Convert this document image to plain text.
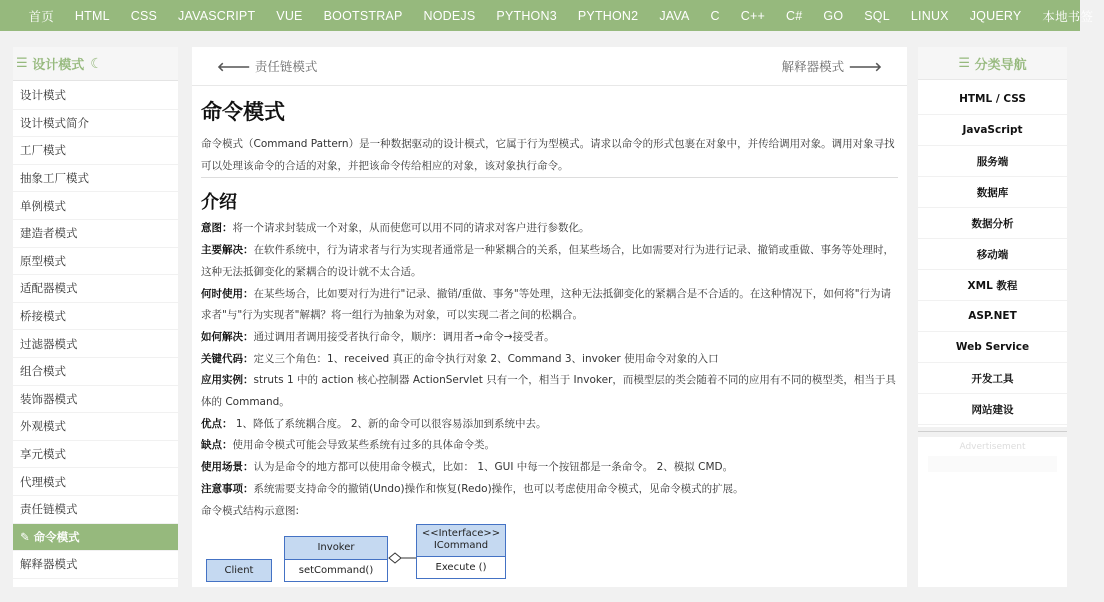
首页	HTML	CSS	JAVASCRIPT	VUE	BOOTSTRAP	NODEJS	PYTHON3	PYTHON2	JAVA	C	C++	C#	GO	SQL	LINUX	JQUERY	本地书签
☰ 设计模式 ☾
设计模式
设计模式简介
工厂模式
抽象工厂模式
单例模式
建造者模式
原型模式
适配器模式
桥接模式
过滤器模式
组合模式
装饰器模式
外观模式
享元模式
代理模式
责任链模式
✎ 命令模式
解释器模式
🡐 责任链模式	解释器模式 🡒
命令模式
命令模式（Command Pattern）是一种数据驱动的设计模式，它属于行为型模式。请求以命令的形式包裹在对象中，并传给调用对象。调用对象寻找可以处理该命令的合适的对象，并把该命令传给相应的对象，该对象执行命令。
介绍
意图：将一个请求封装成一个对象，从而使您可以用不同的请求对客户进行参数化。
主要解决：在软件系统中，行为请求者与行为实现者通常是一种紧耦合的关系，但某些场合，比如需要对行为进行记录、撤销或重做、事务等处理时，这种无法抵御变化的紧耦合的设计就不太合适。
何时使用：在某些场合，比如要对行为进行"记录、撤销/重做、事务"等处理，这种无法抵御变化的紧耦合是不合适的。在这种情况下，如何将"行为请求者"与"行为实现者"解耦？将一组行为抽象为对象，可以实现二者之间的松耦合。
如何解决：通过调用者调用接受者执行命令，顺序：调用者→命令→接受者。
关键代码：定义三个角色：1、received 真正的命令执行对象 2、Command 3、invoker 使用命令对象的入口
应用实例：struts 1 中的 action 核心控制器 ActionServlet 只有一个，相当于 Invoker，而模型层的类会随着不同的应用有不同的模型类，相当于具体的 Command。
优点： 1、降低了系统耦合度。 2、新的命令可以很容易添加到系统中去。
缺点：使用命令模式可能会导致某些系统有过多的具体命令类。
使用场景：认为是命令的地方都可以使用命令模式，比如： 1、GUI 中每一个按钮都是一条命令。 2、模拟 CMD。
注意事项：系统需要支持命令的撤销(Undo)操作和恢复(Redo)操作，也可以考虑使用命令模式，见命令模式的扩展。
命令模式结构示意图:
Invoker
setCommand()
<<Interface>>
ICommand
Execute ()
Client
☰ 分类导航
HTML / CSS
JavaScript
服务端
数据库
数据分析
移动端
XML 教程
ASP.NET
Web Service
开发工具
网站建设
Advertisement
